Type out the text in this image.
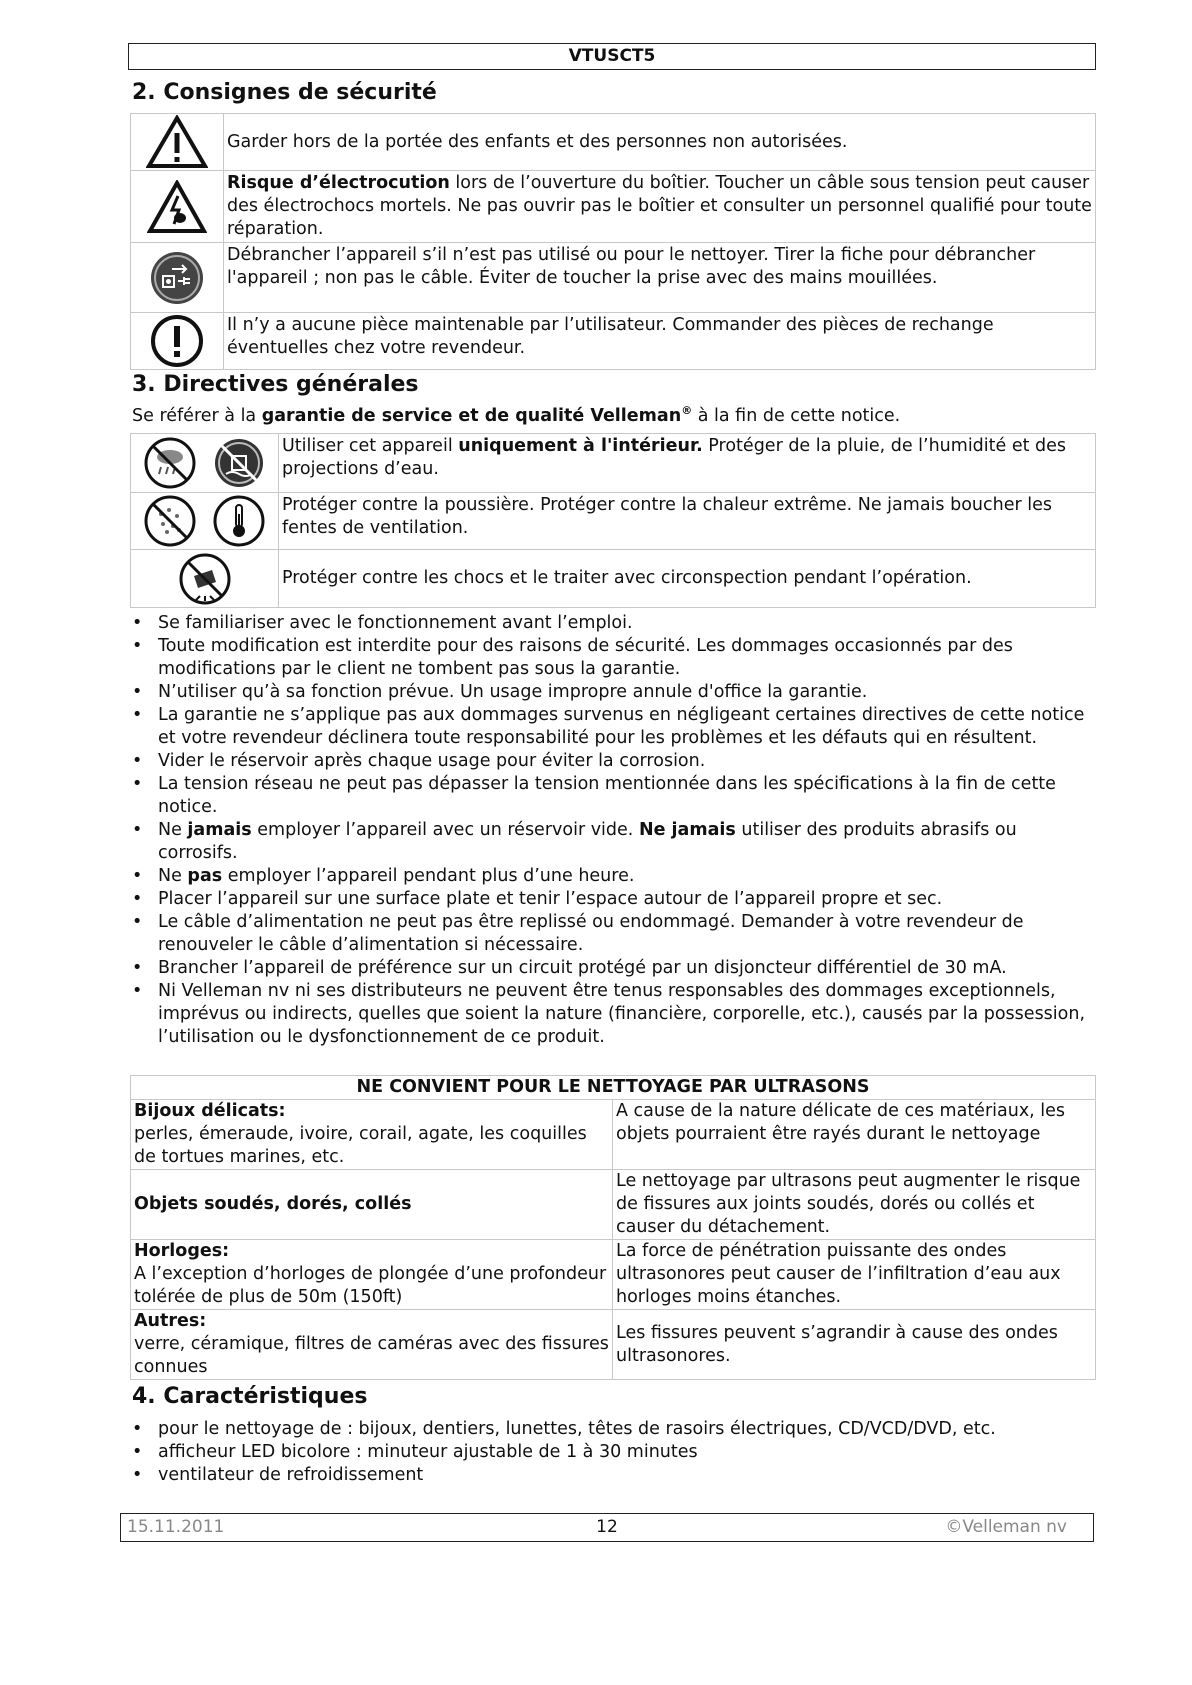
VTUSCT5
2. Consignes de sécurité
	Garder hors de la portée des enfants et des personnes non autorisées.
	Risque d’électrocution lors de l’ouverture du boîtier. Toucher un câble sous tension peut causer des électrochocs mortels. Ne pas ouvrir pas le boîtier et consulter un personnel qualifié pour toute réparation.
	Débrancher l’appareil s’il n’est pas utilisé ou pour le nettoyer. Tirer la fiche pour débrancher l'appareil ; non pas le câble. Éviter de toucher la prise avec des mains mouillées.
	Il n’y a aucune pièce maintenable par l’utilisateur. Commander des pièces de rechange éventuelles chez votre revendeur.
3. Directives générales
Se référer à la garantie de service et de qualité Velleman® à la fin de cette notice.
	Utiliser cet appareil uniquement à l'intérieur. Protéger de la pluie, de l’humidité et des projections d’eau.
	Protéger contre la poussière. Protéger contre la chaleur extrême. Ne jamais boucher les fentes de ventilation.
	Protéger contre les chocs et le traiter avec circonspection pendant l’opération.
• Se familiariser avec le fonctionnement avant l’emploi.
• Toute modification est interdite pour des raisons de sécurité. Les dommages occasionnés par des modifications par le client ne tombent pas sous la garantie.
• N’utiliser qu’à sa fonction prévue. Un usage impropre annule d'office la garantie.
• La garantie ne s’applique pas aux dommages survenus en négligeant certaines directives de cette notice et votre revendeur déclinera toute responsabilité pour les problèmes et les défauts qui en résultent.
• Vider le réservoir après chaque usage pour éviter la corrosion.
• La tension réseau ne peut pas dépasser la tension mentionnée dans les spécifications à la fin de cette notice.
• Ne jamais employer l’appareil avec un réservoir vide. Ne jamais utiliser des produits abrasifs ou corrosifs.
• Ne pas employer l’appareil pendant plus d’une heure.
• Placer l’appareil sur une surface plate et tenir l’espace autour de l’appareil propre et sec.
• Le câble d’alimentation ne peut pas être replissé ou endommagé. Demander à votre revendeur de renouveler le câble d’alimentation si nécessaire.
• Brancher l’appareil de préférence sur un circuit protégé par un disjoncteur différentiel de 30 mA.
• Ni Velleman nv ni ses distributeurs ne peuvent être tenus responsables des dommages exceptionnels, imprévus ou indirects, quelles que soient la nature (financière, corporelle, etc.), causés par la possession, l’utilisation ou le dysfonctionnement de ce produit.
NE CONVIENT POUR LE NETTOYAGE PAR ULTRASONS	
Bijoux délicats:
perles, émeraude, ivoire, corail, agate, les coquilles de tortues marines, etc.	A cause de la nature délicate de ces matériaux, les objets pourraient être rayés durant le nettoyage
Objets soudés, dorés, collés	Le nettoyage par ultrasons peut augmenter le risque de fissures aux joints soudés, dorés ou collés et causer du détachement.
Horloges:
A l’exception d’horloges de plongée d’une profondeur tolérée de plus de 50m (150ft)	La force de pénétration puissante des ondes ultrasonores peut causer de l’infiltration d’eau aux horloges moins étanches.
Autres:
verre, céramique, filtres de caméras avec des fissures connues	Les fissures peuvent s’agrandir à cause des ondes ultrasonores.
4. Caractéristiques
• pour le nettoyage de : bijoux, dentiers, lunettes, têtes de rasoirs électriques, CD/VCD/DVD, etc.
• afficheur LED bicolore : minuteur ajustable de 1 à 30 minutes
• ventilateur de refroidissement
15.11.2011	12	©Velleman nv
